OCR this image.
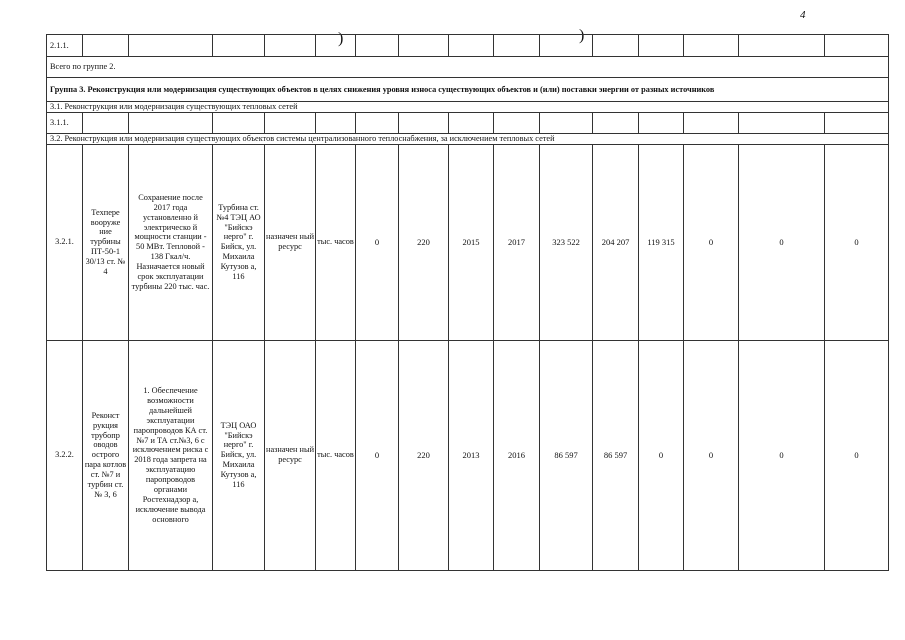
4
)	)
2.1.1.															
Всего по группе 2.															
Группа 3. Реконструкция или модернизация существующих объектов в целях снижения уровня износа существующих объектов и (или) поставки энергии от разных источников															
3.1. Реконструкция или модернизация существующих тепловых сетей															
3.1.1.															
3.2. Реконструкция или модернизация существующих объектов системы централизованного теплоснабжения, за исключением тепловых сетей															
3.2.1.	Техпере вооруже ние турбины ПТ-50-1 30/13 ст. № 4	Сохранение после 2017 года установленно й электрическо й мощности станции - 50 МВт. Тепловой - 138 Гкал/ч. Назначается новый срок эксплуатации турбины 220 тыс. час.	Турбина ст.№4 ТЭЦ АО "Бийскэ нерго" г. Бийск, ул. Михаила Кутузов а, 116	назначен ный ресурс	тыс. часов	0	220	2015	2017	323 522	204 207	119 315	0	0	0
3.2.2.	Реконст рукция трубопр оводов острого пара котлов ст. №7 и турбин ст. № 3, 6	1. Обеспечение возможности дальнейшей эксплуатации паропроводов КА ст. №7 и ТА ст.№3, 6 с исключением риска с 2018 года запрета на эксплуатацию паропроводов органами Ростехнадзор а, исключение вывода основного	ТЭЦ ОАО "Бийскэ нерго" г. Бийск, ул. Михаила Кутузов а, 116	назначен ный ресурс	тыс. часов	0	220	2013	2016	86 597	86 597	0	0	0	0
